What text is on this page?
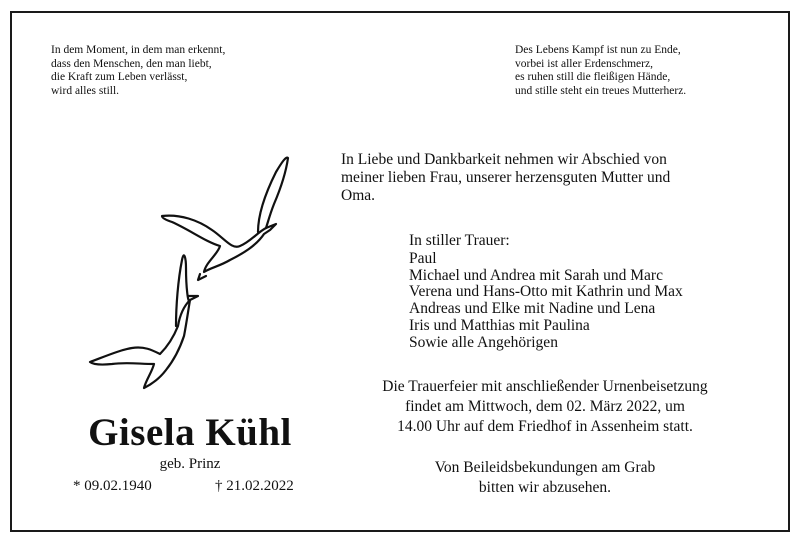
In dem Moment, in dem man erkennt,
dass den Menschen, den man liebt,
die Kraft zum Leben verlässt,
wird alles still.
Des Lebens Kampf ist nun zu Ende,
vorbei ist aller Erdenschmerz,
es ruhen still die fleißigen Hände,
und stille steht ein treues Mutterherz.
In Liebe und Dankbarkeit nehmen wir Abschied von
meiner lieben Frau, unserer herzensguten Mutter und
Oma.
In stiller Trauer:
Paul
Michael und Andrea mit Sarah und Marc
Verena und Hans-Otto mit Kathrin und Max
Andreas und Elke mit Nadine und Lena
Iris und Matthias mit Paulina
Sowie alle Angehörigen
Die Trauerfeier mit anschließender Urnenbeisetzung
findet am Mittwoch, dem 02. März 2022, um
14.00 Uhr auf dem Friedhof in Assenheim statt.
Von Beileidsbekundungen am Grab
bitten wir abzusehen.
Gisela Kühl
geb. Prinz
* 09.02.1940	† 21.02.2022
